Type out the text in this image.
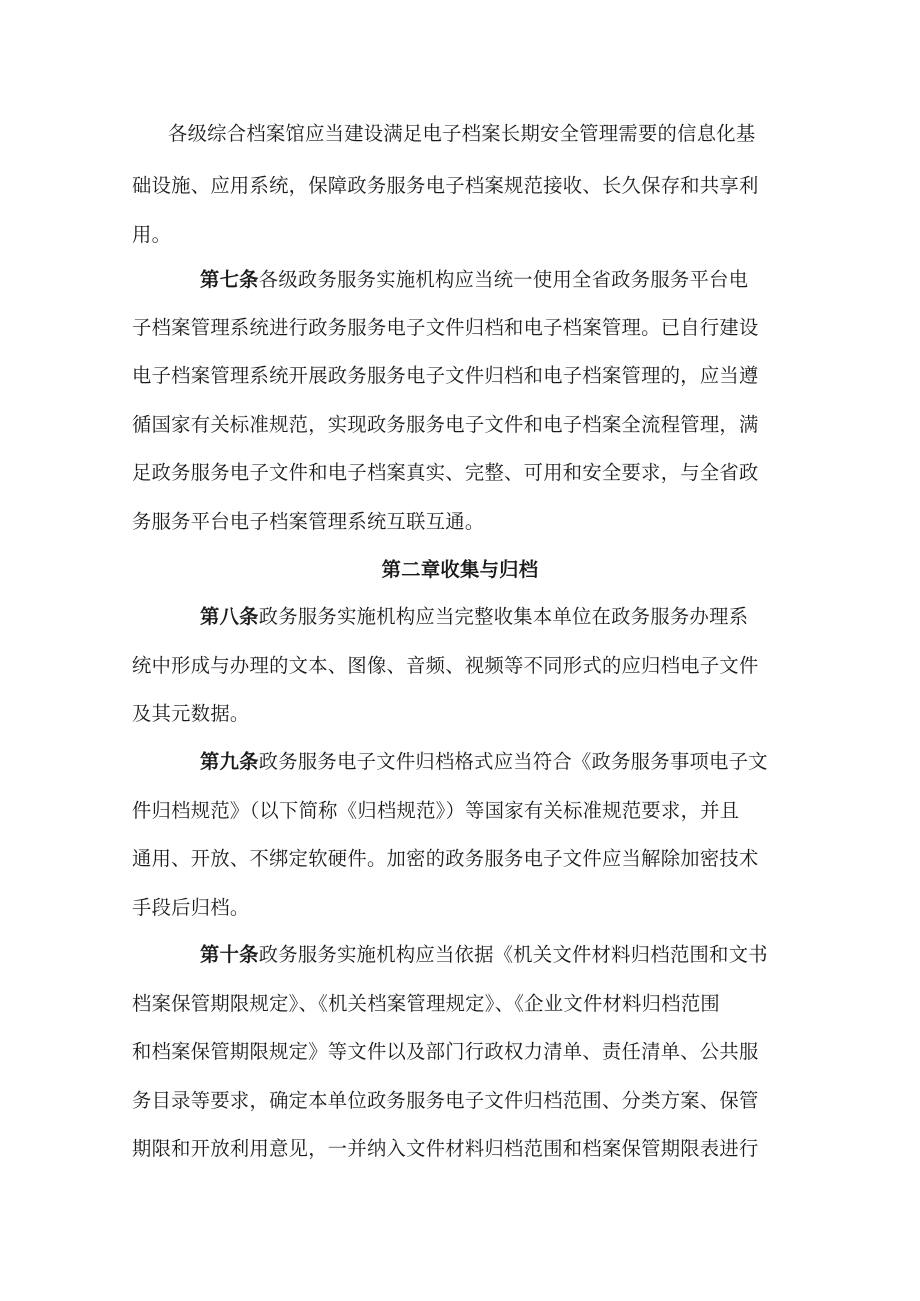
各级综合档案馆应当建设满足电子档案长期安全管理需要的信息化基
础设施、应用系统，保障政务服务电子档案规范接收、长久保存和共享利
用。
第七条各级政务服务实施机构应当统一使用全省政务服务平台电
子档案管理系统进行政务服务电子文件归档和电子档案管理。已自行建设
电子档案管理系统开展政务服务电子文件归档和电子档案管理的，应当遵
循国家有关标准规范，实现政务服务电子文件和电子档案全流程管理，满
足政务服务电子文件和电子档案真实、完整、可用和安全要求，与全省政
务服务平台电子档案管理系统互联互通。
第二章收集与归档
第八条政务服务实施机构应当完整收集本单位在政务服务办理系
统中形成与办理的文本、图像、音频、视频等不同形式的应归档电子文件
及其元数据。
第九条政务服务电子文件归档格式应当符合《政务服务事项电子文
件归档规范》（以下简称《归档规范》）等国家有关标准规范要求，并且
通用、开放、不绑定软硬件。加密的政务服务电子文件应当解除加密技术
手段后归档。
第十条政务服务实施机构应当依据《机关文件材料归档范围和文书
档案保管期限规定》、《机关档案管理规定》、《企业文件材料归档范围
和档案保管期限规定》等文件以及部门行政权力清单、责任清单、公共服
务目录等要求，确定本单位政务服务电子文件归档范围、分类方案、保管
期限和开放利用意见，一并纳入文件材料归档范围和档案保管期限表进行
